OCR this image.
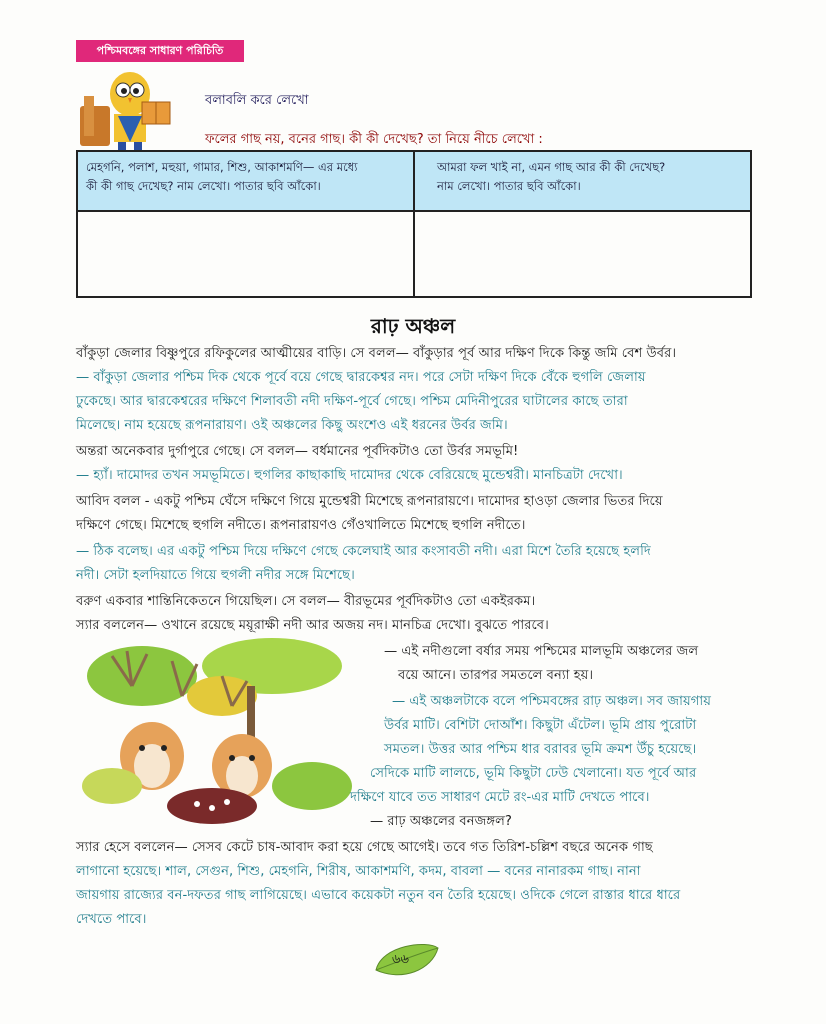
পশ্চিমবঙ্গের সাধারণ পরিচিতি
বলাবলি করে লেখো
ফলের গাছ নয়, বনের গাছ। কী কী দেখেছ? তা নিয়ে নীচে লেখো :
মেহগনি, পলাশ, মহুয়া, গামার, শিশু, আকাশমণি— এর মধ্যে
কী কী গাছ দেখেছ? নাম লেখো। পাতার ছবি আঁকো।
আমরা ফল খাই না, এমন গাছ আর কী কী দেখেছ?
নাম লেখো। পাতার ছবি আঁকো।
রাঢ় অঞ্চল
বাঁকুড়া জেলার বিষ্ণুপুরে রফিকুলের আত্মীয়ের বাড়ি। সে বলল— বাঁকুড়ার পূর্ব আর দক্ষিণ দিকে কিন্তু জমি বেশ উর্বর।
— বাঁকুড়া জেলার পশ্চিম দিক থেকে পূর্বে বয়ে গেছে দ্বারকেশ্বর নদ। পরে সেটা দক্ষিণ দিকে বেঁকে হুগলি জেলায়
ঢুকেছে। আর দ্বারকেশ্বরের দক্ষিণে শিলাবতী নদী দক্ষিণ-পূর্বে গেছে। পশ্চিম মেদিনীপুরের ঘাটালের কাছে তারা
মিলেছে। নাম হয়েছে রূপনারায়ণ। ওই অঞ্চলের কিছু অংশেও এই ধরনের উর্বর জমি।
অন্তরা অনেকবার দুর্গাপুরে গেছে। সে বলল— বর্ধমানের পূর্বদিকটাও তো উর্বর সমভূমি!
— হ্যাঁ। দামোদর তখন সমভূমিতে। হুগলির কাছাকাছি দামোদর থেকে বেরিয়েছে মুন্ডেশ্বরী। মানচিত্রটা দেখো।
আবিদ বলল - একটু পশ্চিম ঘেঁসে দক্ষিণে গিয়ে মুন্ডেশ্বরী মিশেছে রূপনারায়ণে। দামোদর হাওড়া জেলার ভিতর দিয়ে
দক্ষিণে গেছে। মিশেছে হুগলি নদীতে। রূপনারায়ণও গেঁওখালিতে মিশেছে হুগলি নদীতে।
— ঠিক বলেছ। এর একটু পশ্চিম দিয়ে দক্ষিণে গেছে কেলেঘাই আর কংসাবতী নদী। এরা মিশে তৈরি হয়েছে হলদি
নদী। সেটা হলদিয়াতে গিয়ে হুগলী নদীর সঙ্গে মিশেছে।
বরুণ একবার শান্তিনিকেতনে গিয়েছিল। সে বলল— বীরভূমের পূর্বদিকটাও তো একইরকম।
স্যার বললেন— ওখানে রয়েছে ময়ূরাক্ষী নদী আর অজয় নদ। মানচিত্র দেখো। বুঝতে পারবে।
— এই নদীগুলো বর্ষার সময় পশ্চিমের মালভূমি অঞ্চলের জল
বয়ে আনে। তারপর সমতলে বন্যা হয়।
— এই অঞ্চলটাকে বলে পশ্চিমবঙ্গের রাঢ় অঞ্চল। সব জায়গায়
উর্বর মাটি। বেশিটা দোআঁশ। কিছুটা এঁটেল। ভূমি প্রায় পুরোটা
সমতল। উত্তর আর পশ্চিম ধার বরাবর ভূমি ক্রমশ উঁচু হয়েছে।
সেদিকে মাটি লালচে, ভূমি কিছুটা ঢেউ খেলানো। যত পূর্বে আর
দক্ষিণে যাবে তত সাধারণ মেটে রং-এর মাটি দেখতে পাবে।
— রাঢ় অঞ্চলের বনজঙ্গল?
স্যার হেসে বললেন— সেসব কেটে চাষ-আবাদ করা হয়ে গেছে আগেই। তবে গত তিরিশ-চল্লিশ বছরে অনেক গাছ
লাগানো হয়েছে। শাল, সেগুন, শিশু, মেহগনি, শিরীষ, আকাশমণি, কদম, বাবলা — বনের নানারকম গাছ। নানা
জায়গায় রাজ্যের বন-দফতর গাছ লাগিয়েছে। এভাবে কয়েকটা নতুন বন তৈরি হয়েছে। ওদিকে গেলে রাস্তার ধারে ধারে
দেখতে পাবে।
৬৬
